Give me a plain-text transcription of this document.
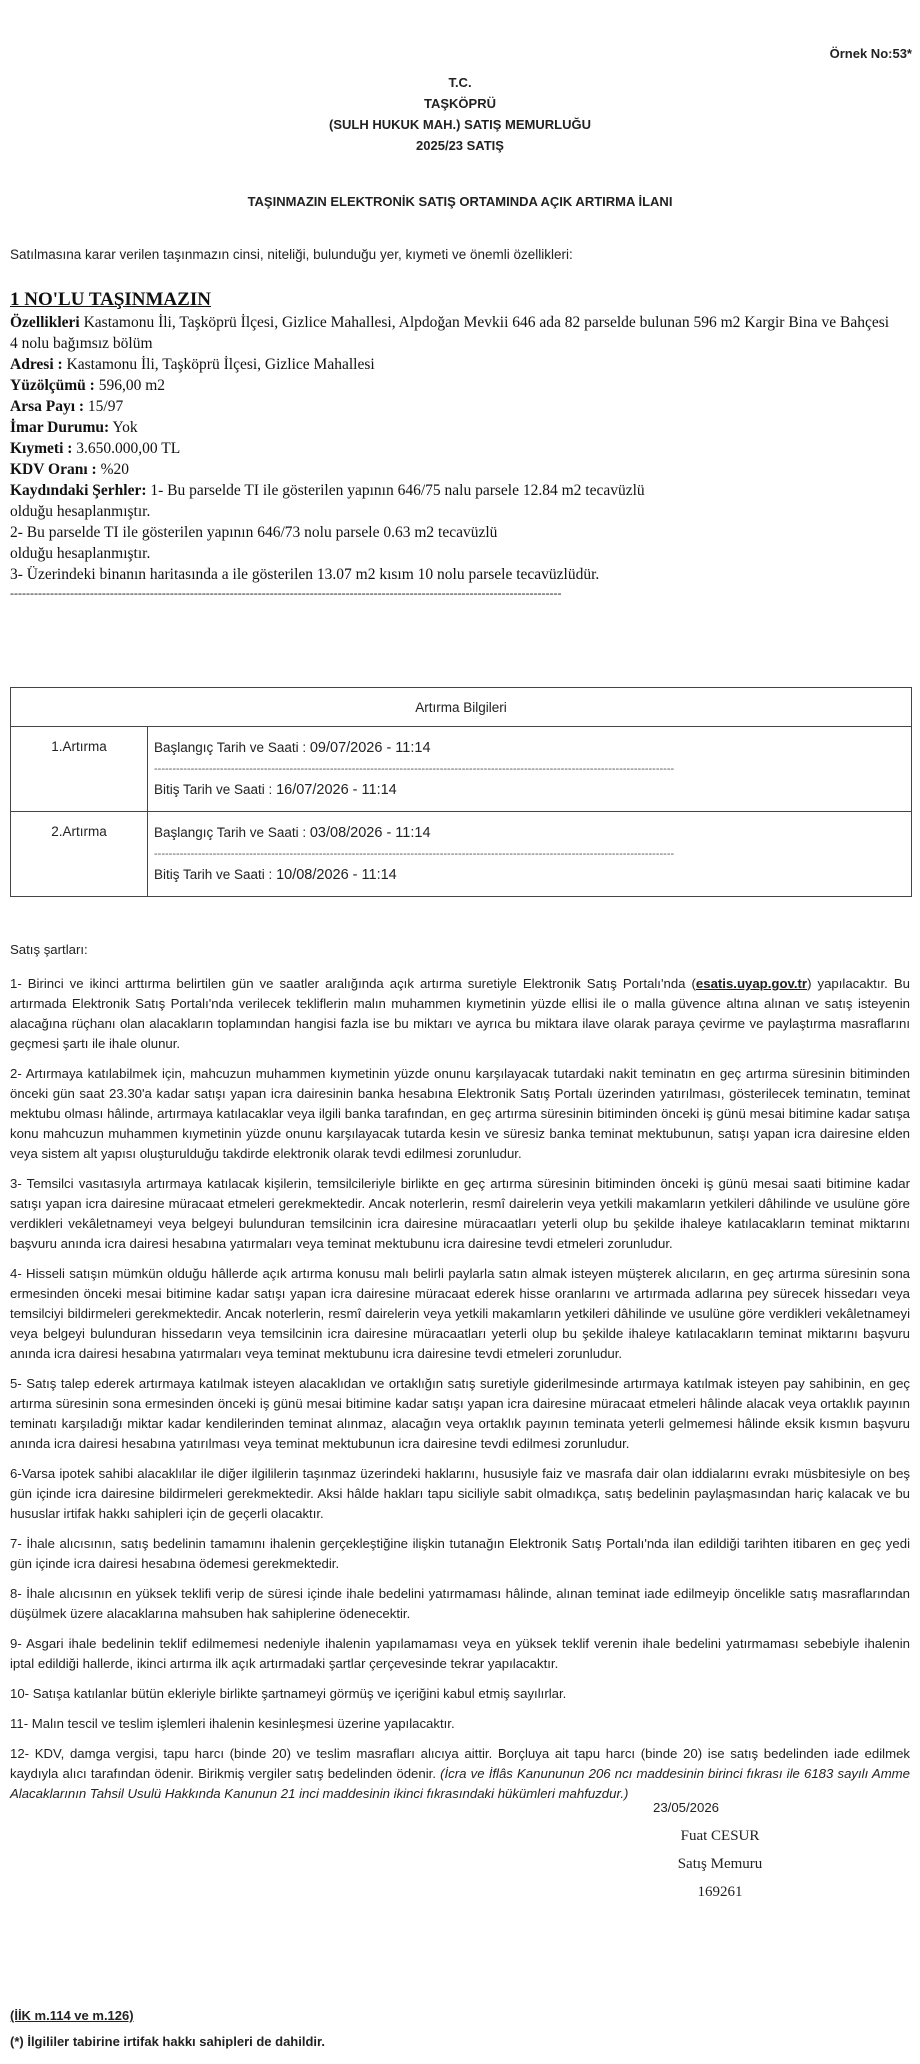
Örnek No:53*
T.C.
TAŞKÖPRÜ
(SULH HUKUK MAH.) SATIŞ MEMURLUĞU
2025/23 SATIŞ
TAŞINMAZIN ELEKTRONİK SATIŞ ORTAMINDA AÇIK ARTIRMA İLANI
Satılmasına karar verilen taşınmazın cinsi, niteliği, bulunduğu yer, kıymeti ve önemli özellikleri:
1 NO'LU TAŞINMAZIN
Özellikleri Kastamonu İli, Taşköprü İlçesi, Gizlice Mahallesi, Alpdoğan Mevkii 646 ada 82 parselde bulunan 596 m2 Kargir Bina ve Bahçesi 4 nolu bağımsız bölüm
Adresi : Kastamonu İli, Taşköprü İlçesi, Gizlice Mahallesi
Yüzölçümü : 596,00 m2
Arsa Payı : 15/97
İmar Durumu: Yok
Kıymeti : 3.650.000,00 TL
KDV Oranı : %20
Kaydındaki Şerhler: 1- Bu parselde TI ile gösterilen yapının 646/75 nalu parsele 12.84 m2 tecavüzlü
olduğu hesaplanmıştır.
2- Bu parselde TI ile gösterilen yapının 646/73 nolu parsele 0.63 m2 tecavüzlü
olduğu hesaplanmıştır.
3- Üzerindeki binanın haritasında a ile gösterilen 13.07 m2 kısım 10 nolu parsele tecavüzlüdür.
------------------------------------------------------------------------------------------------------------------------------------------
Artırma Bilgileri	
1.Artırma	Başlangıç Tarih ve Saati : 09/07/2026 - 11:14
----------------------------------------------------------------------------------------------------------------------------------------------
Bitiş Tarih ve Saati : 16/07/2026 - 11:14

2.Artırma	Başlangıç Tarih ve Saati : 03/08/2026 - 11:14
----------------------------------------------------------------------------------------------------------------------------------------------
Bitiş Tarih ve Saati : 10/08/2026 - 11:14

Satış şartları:

1- Birinci ve ikinci arttırma belirtilen gün ve saatler aralığında açık artırma suretiyle Elektronik Satış Portalı'nda (esatis.uyap.gov.tr) yapılacaktır. Bu artırmada Elektronik Satış Portalı'nda verilecek tekliflerin malın muhammen kıymetinin yüzde ellisi ile o malla güvence altına alınan ve satış isteyenin alacağına rüçhanı olan alacakların toplamından hangisi fazla ise bu miktarı ve ayrıca bu miktara ilave olarak paraya çevirme ve paylaştırma masraflarını geçmesi şartı ile ihale olunur.

2- Artırmaya katılabilmek için, mahcuzun muhammen kıymetinin yüzde onunu karşılayacak tutardaki nakit teminatın en geç artırma süresinin bitiminden önceki gün saat 23.30'a kadar satışı yapan icra dairesinin banka hesabına Elektronik Satış Portalı üzerinden yatırılması, gösterilecek teminatın, teminat mektubu olması hâlinde, artırmaya katılacaklar veya ilgili banka tarafından, en geç artırma süresinin bitiminden önceki iş günü mesai bitimine kadar satışa konu mahcuzun muhammen kıymetinin yüzde onunu karşılayacak tutarda kesin ve süresiz banka teminat mektubunun, satışı yapan icra dairesine elden veya sistem alt yapısı oluşturulduğu takdirde elektronik olarak tevdi edilmesi zorunludur.

3- Temsilci vasıtasıyla artırmaya katılacak kişilerin, temsilcileriyle birlikte en geç artırma süresinin bitiminden önceki iş günü mesai saati bitimine kadar satışı yapan icra dairesine müracaat etmeleri gerekmektedir. Ancak noterlerin, resmî dairelerin veya yetkili makamların yetkileri dâhilinde ve usulüne göre verdikleri vekâletnameyi veya belgeyi bulunduran temsilcinin icra dairesine müracaatları yeterli olup bu şekilde ihaleye katılacakların teminat miktarını başvuru anında icra dairesi hesabına yatırmaları veya teminat mektubunu icra dairesine tevdi etmeleri zorunludur.

4- Hisseli satışın mümkün olduğu hâllerde açık artırma konusu malı belirli paylarla satın almak isteyen müşterek alıcıların, en geç artırma süresinin sona ermesinden önceki mesai bitimine kadar satışı yapan icra dairesine müracaat ederek hisse oranlarını ve artırmada adlarına pey sürecek hissedarı veya temsilciyi bildirmeleri gerekmektedir. Ancak noterlerin, resmî dairelerin veya yetkili makamların yetkileri dâhilinde ve usulüne göre verdikleri vekâletnameyi veya belgeyi bulunduran hissedarın veya temsilcinin icra dairesine müracaatları yeterli olup bu şekilde ihaleye katılacakların teminat miktarını başvuru anında icra dairesi hesabına yatırmaları veya teminat mektubunu icra dairesine tevdi etmeleri zorunludur.

5- Satış talep ederek artırmaya katılmak isteyen alacaklıdan ve ortaklığın satış suretiyle giderilmesinde artırmaya katılmak isteyen pay sahibinin, en geç artırma süresinin sona ermesinden önceki iş günü mesai bitimine kadar satışı yapan icra dairesine müracaat etmeleri hâlinde alacak veya ortaklık payının teminatı karşıladığı miktar kadar kendilerinden teminat alınmaz, alacağın veya ortaklık payının teminata yeterli gelmemesi hâlinde eksik kısmın başvuru anında icra dairesi hesabına yatırılması veya teminat mektubunun icra dairesine tevdi edilmesi zorunludur.

6-Varsa ipotek sahibi alacaklılar ile diğer ilgililerin taşınmaz üzerindeki haklarını, hususiyle faiz ve masrafa dair olan iddialarını evrakı müsbitesiyle on beş gün içinde icra dairesine bildirmeleri gerekmektedir. Aksi hâlde hakları tapu siciliyle sabit olmadıkça, satış bedelinin paylaşmasından hariç kalacak ve bu hususlar irtifak hakkı sahipleri için de geçerli olacaktır.

7- İhale alıcısının, satış bedelinin tamamını ihalenin gerçekleştiğine ilişkin tutanağın Elektronik Satış Portalı'nda ilan edildiği tarihten itibaren en geç yedi gün içinde icra dairesi hesabına ödemesi gerekmektedir.

8- İhale alıcısının en yüksek teklifi verip de süresi içinde ihale bedelini yatırmaması hâlinde, alınan teminat iade edilmeyip öncelikle satış masraflarından düşülmek üzere alacaklarına mahsuben hak sahiplerine ödenecektir.

9- Asgari ihale bedelinin teklif edilmemesi nedeniyle ihalenin yapılamaması veya en yüksek teklif verenin ihale bedelini yatırmaması sebebiyle ihalenin iptal edildiği hallerde, ikinci artırma ilk açık artırmadaki şartlar çerçevesinde tekrar yapılacaktır.

10- Satışa katılanlar bütün ekleriyle birlikte şartnameyi görmüş ve içeriğini kabul etmiş sayılırlar.

11- Malın tescil ve teslim işlemleri ihalenin kesinleşmesi üzerine yapılacaktır.

12- KDV, damga vergisi, tapu harcı (binde 20) ve teslim masrafları alıcıya aittir. Borçluya ait tapu harcı (binde 20) ise satış bedelinden iade edilmek kaydıyla alıcı tarafından ödenir. Birikmiş vergiler satış bedelinden ödenir. (İcra ve İflâs Kanununun 206 ncı maddesinin birinci fıkrası ile 6183 sayılı Amme Alacaklarının Tahsil Usulü Hakkında Kanunun 21 inci maddesinin ikinci fıkrasındaki hükümleri mahfuzdur.)

23/05/2026
Fuat CESUR
Satış Memuru
169261
(İİK m.114 ve m.126)
(*) İlgililer tabirine irtifak hakkı sahipleri de dahildir.
